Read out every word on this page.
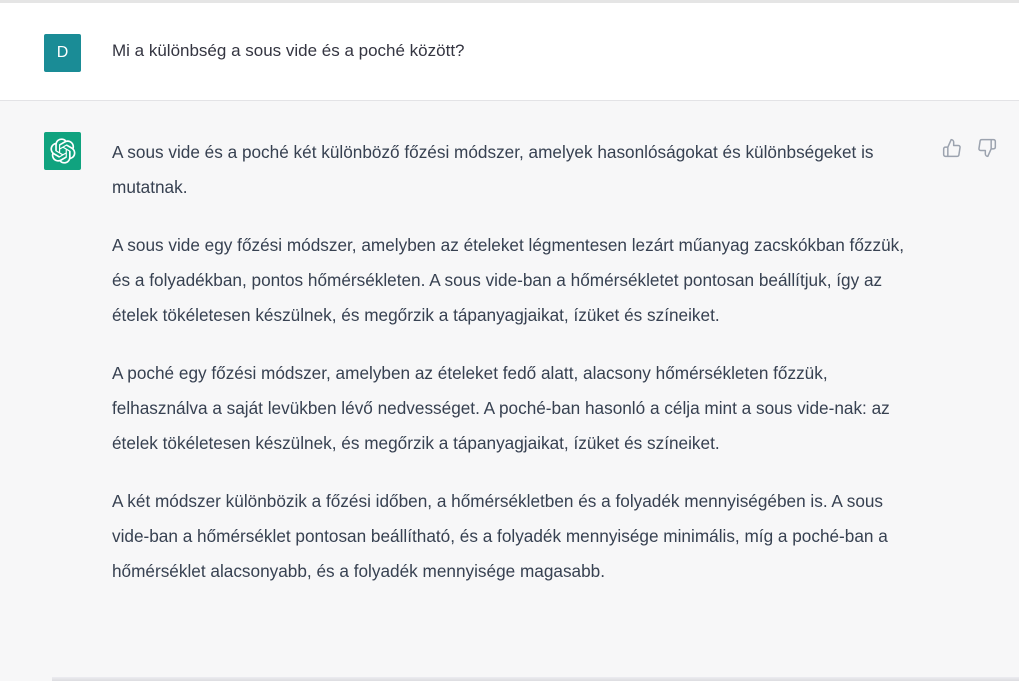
D	Mi a különbség a sous vide és a poché között?

A sous vide és a poché két különböző főzési módszer, amelyek hasonlóságokat és különbségeket is mutatnak.

A sous vide egy főzési módszer, amelyben az ételeket légmentesen lezárt műanyag zacskókban főzzük, és a folyadékban, pontos hőmérsékleten. A sous vide-ban a hőmérsékletet pontosan beállítjuk, így az ételek tökéletesen készülnek, és megőrzik a tápanyagjaikat, ízüket és színeiket.

A poché egy főzési módszer, amelyben az ételeket fedő alatt, alacsony hőmérsékleten főzzük, felhasználva a saját levükben lévő nedvességet. A poché-ban hasonló a célja mint a sous vide-nak: az ételek tökéletesen készülnek, és megőrzik a tápanyagjaikat, ízüket és színeiket.

A két módszer különbözik a főzési időben, a hőmérsékletben és a folyadék mennyiségében is. A sous vide-ban a hőmérséklet pontosan beállítható, és a folyadék mennyisége minimális, míg a poché-ban a hőmérséklet alacsonyabb, és a folyadék mennyisége magasabb.
